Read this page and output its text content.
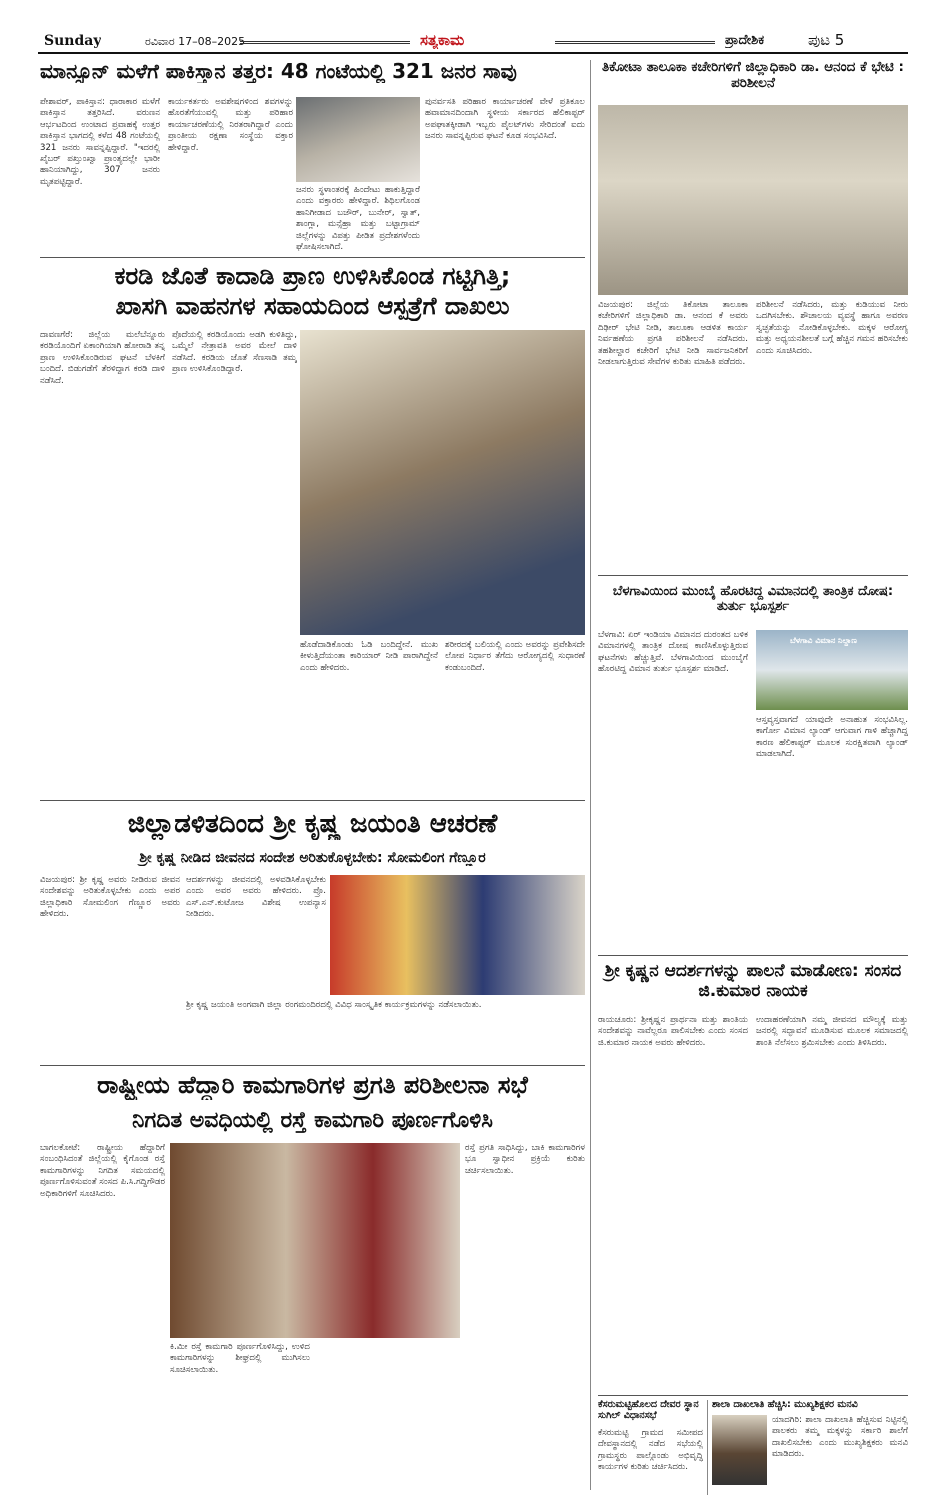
Sunday	ರವಿವಾರ 17–08–2025	ಸತ್ಯಕಾಮ	ಪ್ರಾದೇಶಿಕ	ಪುಟ 5
ಮಾನ್ಸೂನ್ ಮಳೆಗೆ ಪಾಕಿಸ್ತಾನ ತತ್ತರ: 48 ಗಂಟೆಯಲ್ಲಿ 321 ಜನರ ಸಾವು
ಪೇಶಾವರ್, ಪಾಕಿಸ್ತಾನ: ಧಾರಾಕಾರ ಮಳೆಗೆ ಪಾಕಿಸ್ತಾನ ತತ್ತರಿಸಿದೆ. ವರುಣನ ಆರ್ಭಟದಿಂದ ಉಂಟಾದ ಪ್ರವಾಹಕ್ಕೆ ಉತ್ತರ ಪಾಕಿಸ್ತಾನ ಭಾಗದಲ್ಲಿ ಕಳೆದ 48 ಗಂಟೆಯಲ್ಲಿ 321 ಜನರು ಸಾವನ್ನಪ್ಪಿದ್ದಾರೆ. "ಇದರಲ್ಲಿ ಖೈಬರ್ ಪಖ್ತುಂಖ್ವಾ ಪ್ರಾಂತ್ಯದಲ್ಲೇ ಭಾರೀ ಹಾನಿಯಾಗಿದ್ದು, 307 ಜನರು ಮೃತಪಟ್ಟಿದ್ದಾರೆ.
ಕಾರ್ಯಕರ್ತರು ಅವಶೇಷಗಳಿಂದ ಶವಗಳನ್ನು ಹೊರತೆಗೆಯುವಲ್ಲಿ ಮತ್ತು ಪರಿಹಾರ ಕಾರ್ಯಾಚರಣೆಯಲ್ಲಿ ನಿರತರಾಗಿದ್ದಾರೆ ಎಂದು ಪ್ರಾಂತೀಯ ರಕ್ಷಣಾ ಸಂಸ್ಥೆಯ ವಕ್ತಾರ ಹೇಳಿದ್ದಾರೆ.
ಜನರು ಸ್ಥಳಾಂತರಕ್ಕೆ ಹಿಂದೇಟು ಹಾಕುತ್ತಿದ್ದಾರೆ ಎಂದು ವಕ್ತಾರರು ಹೇಳಿದ್ದಾರೆ. ಶಿಥಿಲಗೊಂಡ ಹಾನಿಗೀಡಾದ ಬಜೌರ್, ಬುನೇರ್, ಸ್ವಾತ್, ಶಾಂಗ್ಲಾ, ಮನ್ಸೆಹ್ರಾ ಮತ್ತು ಬಟ್ಟಾಗ್ರಾಮ್ ಜಿಲ್ಲೆಗಳನ್ನು ವಿಪತ್ತು ಪೀಡಿತ ಪ್ರದೇಶಗಳೆಂದು ಘೋಷಿಸಲಾಗಿದೆ.
ಪುನರ್ವಸತಿ ಪರಿಹಾರ ಕಾರ್ಯಾಚರಣೆ ವೇಳೆ ಪ್ರತಿಕೂಲ ಹವಾಮಾನದಿಂದಾಗಿ ಸ್ಥಳೀಯ ಸರ್ಕಾರದ ಹೆಲಿಕಾಪ್ಟರ್ ಅಪಘಾತಕ್ಕೀಡಾಗಿ ಇಬ್ಬರು ಪೈಲಟ್‌ಗಳು ಸೇರಿದಂತೆ ಐದು ಜನರು ಸಾವನ್ನಪ್ಪಿರುವ ಘಟನೆ ಕೂಡ ಸಂಭವಿಸಿದೆ.
ತಿಕೋಟಾ ತಾಲೂಕಾ ಕಚೇರಿಗಳಿಗೆ ಜಿಲ್ಲಾಧಿಕಾರಿ ಡಾ. ಆನಂದ ಕೆ ಭೇಟಿ : ಪರಿಶೀಲನೆ
ವಿಜಯಪುರ: ಜಿಲ್ಲೆಯ ತಿಕೋಟಾ ತಾಲೂಕಾ ಕಚೇರಿಗಳಿಗೆ ಜಿಲ್ಲಾಧಿಕಾರಿ ಡಾ. ಆನಂದ ಕೆ ಅವರು ದಿಢೀರ್ ಭೇಟಿ ನೀಡಿ, ತಾಲೂಕಾ ಆಡಳಿತ ಕಾರ್ಯ ನಿರ್ವಹಣೆಯ ಪ್ರಗತಿ ಪರಿಶೀಲನೆ ನಡೆಸಿದರು. ತಹಶೀಲ್ದಾರ ಕಚೇರಿಗೆ ಭೇಟಿ ನೀಡಿ ಸಾರ್ವಜನಿಕರಿಗೆ ನೀಡಲಾಗುತ್ತಿರುವ ಸೇವೆಗಳ ಕುರಿತು ಮಾಹಿತಿ ಪಡೆದರು.
ಪರಿಶೀಲನೆ ನಡೆಸಿದರು, ಮತ್ತು ಕುಡಿಯುವ ನೀರು ಒದಗಿಸಬೇಕು. ಶೌಚಾಲಯ ವ್ಯವಸ್ಥೆ ಹಾಗೂ ಅವರಣ ಸ್ವಚ್ಛತೆಯನ್ನು ನೋಡಿಕೊಳ್ಳಬೇಕು. ಮಕ್ಕಳ ಆರೋಗ್ಯ ಮತ್ತು ಅಧ್ಯಯನಶೀಲತೆ ಬಗ್ಗೆ ಹೆಚ್ಚಿನ ಗಮನ ಹರಿಸಬೇಕು ಎಂದು ಸೂಚಿಸಿದರು.
ಕರಡಿ ಜೊತೆ ಕಾದಾಡಿ ಪ್ರಾಣ ಉಳಿಸಿಕೊಂಡ ಗಟ್ಟಿಗಿತ್ತಿ;
ಖಾಸಗಿ ವಾಹನಗಳ ಸಹಾಯದಿಂದ ಆಸ್ಪತ್ರೆಗೆ ದಾಖಲು
ದಾವಣಗೆರೆ: ಜಿಲ್ಲೆಯ ಮಲೆಬೆನ್ನೂರು ಕರಡಿಯೊಂದಿಗೆ ಏಕಾಂಗಿಯಾಗಿ ಹೋರಾಡಿ ತನ್ನ ಪ್ರಾಣ ಉಳಿಸಿಕೊಂಡಿರುವ ಘಟನೆ ಬೆಳಕಿಗೆ ಬಂದಿದೆ. ಬಿಡುಗಡೆಗೆ ತೆರಳಿದ್ದಾಗ ಕರಡಿ ದಾಳಿ ನಡೆಸಿದೆ.
ಪೊದೆಯಲ್ಲಿ ಕರಡಿಯೊಂದು ಅಡಗಿ ಕುಳಿತಿದ್ದು, ಒಮ್ಮೆಲೆ ನೇತ್ರಾವತಿ ಅವರ ಮೇಲೆ ದಾಳಿ ನಡೆಸಿದೆ. ಕರಡಿಯ ಜೊತೆ ಸೆಣಸಾಡಿ ತಮ್ಮ ಪ್ರಾಣ ಉಳಿಸಿಕೊಂಡಿದ್ದಾರೆ.
ಹೊಡೆದಾಡಿಕೊಂಡು ಓಡಿ ಬಂದಿದ್ದೇನೆ. ಮುಖ ಕೀಳುತ್ತಿದೆಯಂತಾ ಕಾರಿಯಾರ್ ನೀಡಿ ಪಾರಾಗಿದ್ದೇನೆ ಎಂದು ಹೇಳಿದರು.
ಶರೀರದಕ್ಕೆ ಬಲಿಯಲ್ಲಿ ಎಂದು ಅವರನ್ನು ಪ್ರವೇಶಿಸದೇ ಲೋಪ ನಿರ್ಧಾರ ತೆಗೆದು ಆರೋಗ್ಯದಲ್ಲಿ ಸುಧಾರಣೆ ಕಂಡುಬಂದಿದೆ.
ಬೆಳಗಾವಿಯಿಂದ ಮುಂಬೈ ಹೊರಟಿದ್ದ ವಿಮಾನದಲ್ಲಿ ತಾಂತ್ರಿಕ ದೋಷ: ತುರ್ತು ಭೂಸ್ಪರ್ಶ
ಬೆಳಗಾವಿ: ಏರ್ ಇಂಡಿಯಾ ವಿಮಾನದ ದುರಂತದ ಬಳಿಕ ವಿಮಾನಗಳಲ್ಲಿ ತಾಂತ್ರಿಕ ದೋಷ ಕಾಣಿಸಿಕೊಳ್ಳುತ್ತಿರುವ ಘಟನೆಗಳು ಹೆಚ್ಚುತ್ತಿವೆ. ಬೆಳಗಾವಿಯಿಂದ ಮುಂಬೈಗೆ ಹೊರಟಿದ್ದ ವಿಮಾನ ತುರ್ತು ಭೂಸ್ಪರ್ಶ ಮಾಡಿದೆ.
ಬೆಳಗಾವಿ ವಿಮಾನ ನಿಲ್ದಾಣ
ಆಸ್ತವ್ಯಸ್ತವಾಗದೆ ಯಾವುದೇ ಅನಾಹುತ ಸಂಭವಿಸಿಲ್ಲ. ಕಾರ್ಗೋ ವಿಮಾನ ಲ್ಯಾಂಡ್ ಆಗುವಾಗ ಗಾಳಿ ಹೆಚ್ಚಾಗಿದ್ದ ಕಾರಣ ಹೆಲಿಕಾಪ್ಟರ್ ಮೂಲಕ ಸುರಕ್ಷಿತವಾಗಿ ಲ್ಯಾಂಡ್ ಮಾಡಲಾಗಿದೆ.
ಜಿಲ್ಲಾಡಳಿತದಿಂದ ಶ್ರೀ ಕೃಷ್ಣ ಜಯಂತಿ ಆಚರಣೆ
ಶ್ರೀ ಕೃಷ್ಣ ನೀಡಿದ ಜೀವನದ ಸಂದೇಶ ಅರಿತುಕೊಳ್ಳಬೇಕು: ಸೋಮಲಿಂಗ ಗೆಣ್ಣೂರ
ವಿಜಯಪುರ: ಶ್ರೀ ಕೃಷ್ಣ ಅವರು ನೀಡಿರುವ ಜೀವನ ಸಂದೇಶವನ್ನು ಅರಿತುಕೊಳ್ಳಬೇಕು ಎಂದು ಅಪರ ಜಿಲ್ಲಾಧಿಕಾರಿ ಸೋಮಲಿಂಗ ಗೆಣ್ಣೂರ ಅವರು ಹೇಳಿದರು.
ಆದರ್ಶಗಳನ್ನು ಜೀವನದಲ್ಲಿ ಅಳವಡಿಸಿಕೊಳ್ಳಬೇಕು ಎಂದು ಅವರ ಅವರು ಹೇಳಿದರು. ಪ್ರೊ. ಎಸ್.ಎನ್.ಕುಟೋಜ ವಿಶೇಷ ಉಪನ್ಯಾಸ ನೀಡಿದರು.
ಶ್ರೀ ಕೃಷ್ಣ ಜಯಂತಿ ಅಂಗವಾಗಿ ಜಿಲ್ಲಾ ರಂಗಮಂದಿರದಲ್ಲಿ ವಿವಿಧ ಸಾಂಸ್ಕೃತಿಕ ಕಾರ್ಯಕ್ರಮಗಳನ್ನು ನಡೆಸಲಾಯಿತು.
ಶ್ರೀ ಕೃಷ್ಣನ ಆದರ್ಶಗಳನ್ನು ಪಾಲನೆ ಮಾಡೋಣ: ಸಂಸದ ಜಿ.ಕುಮಾರ ನಾಯಕ
ರಾಯಚೂರು: ಶ್ರೀಕೃಷ್ಣನ ಪ್ರಾರ್ಥನಾ ಮತ್ತು ಶಾಂತಿಯ ಸಂದೇಶವನ್ನು ನಾವೆಲ್ಲರೂ ಪಾಲಿಸಬೇಕು ಎಂದು ಸಂಸದ ಜಿ.ಕುಮಾರ ನಾಯಕ ಅವರು ಹೇಳಿದರು.
ಉದಾಹರಣೆಯಾಗಿ ನಮ್ಮ ಜೀವನದ ಮೌಲ್ಯಕ್ಕೆ ಮತ್ತು ಜನರಲ್ಲಿ ಸದ್ಭಾವನೆ ಮೂಡಿಸುವ ಮೂಲಕ ಸಮಾಜದಲ್ಲಿ ಶಾಂತಿ ನೆಲೆಸಲು ಶ್ರಮಿಸಬೇಕು ಎಂದು ತಿಳಿಸಿದರು.
ರಾಷ್ಟ್ರೀಯ ಹೆದ್ದಾರಿ ಕಾಮಗಾರಿಗಳ ಪ್ರಗತಿ ಪರಿಶೀಲನಾ ಸಭೆ
ನಿಗದಿತ ಅವಧಿಯಲ್ಲಿ ರಸ್ತೆ ಕಾಮಗಾರಿ ಪೂರ್ಣಗೊಳಿಸಿ
ಬಾಗಲಕೋಟೆ: ರಾಷ್ಟ್ರೀಯ ಹೆದ್ದಾರಿಗೆ ಸಂಬಂಧಿಸಿದಂತೆ ಜಿಲ್ಲೆಯಲ್ಲಿ ಕೈಗೊಂಡ ರಸ್ತೆ ಕಾಮಗಾರಿಗಳನ್ನು ನಿಗದಿತ ಸಮಯದಲ್ಲಿ ಪೂರ್ಣಗೊಳಿಸುವಂತೆ ಸಂಸದ ಪಿ.ಸಿ.ಗದ್ದಿಗೌಡರ ಅಧಿಕಾರಿಗಳಿಗೆ ಸೂಚಿಸಿದರು.
ಕಿ.ಮೀ ರಸ್ತೆ ಕಾಮಗಾರಿ ಪೂರ್ಣಗೊಳಿಸಿದ್ದು, ಉಳಿದ ಕಾಮಗಾರಿಗಳನ್ನು ಶೀಘ್ರದಲ್ಲಿ ಮುಗಿಸಲು ಸೂಚಿಸಲಾಯಿತು.
ರಸ್ತೆ ಪ್ರಗತಿ ಸಾಧಿಸಿದ್ದು, ಬಾಕಿ ಕಾಮಗಾರಿಗಳ ಭೂ ಸ್ವಾಧೀನ ಪ್ರಕ್ರಿಯೆ ಕುರಿತು ಚರ್ಚಿಸಲಾಯಿತು.
ಕೆಸರುಮಟ್ಟಿಹೊಲದ ದೇವರ ಸ್ಥಾನ ಸುಗಿಲ್ ವಿಧಾನಸಭೆ
ಕೆಸರುಮಟ್ಟಿ ಗ್ರಾಮದ ಸಮೀಪದ ದೇವಸ್ಥಾನದಲ್ಲಿ ನಡೆದ ಸಭೆಯಲ್ಲಿ ಗ್ರಾಮಸ್ಥರು ಪಾಲ್ಗೊಂಡು ಅಭಿವೃದ್ಧಿ ಕಾರ್ಯಗಳ ಕುರಿತು ಚರ್ಚಿಸಿದರು.
ಶಾಲಾ ದಾಖಲಾತಿ ಹೆಚ್ಚಿಸಿ: ಮುಖ್ಯಶಿಕ್ಷಕರ ಮನವಿ
ಯಾದಗಿರಿ: ಶಾಲಾ ದಾಖಲಾತಿ ಹೆಚ್ಚಿಸುವ ನಿಟ್ಟಿನಲ್ಲಿ ಪಾಲಕರು ತಮ್ಮ ಮಕ್ಕಳನ್ನು ಸರ್ಕಾರಿ ಶಾಲೆಗೆ ದಾಖಲಿಸಬೇಕು ಎಂದು ಮುಖ್ಯಶಿಕ್ಷಕರು ಮನವಿ ಮಾಡಿದರು.
